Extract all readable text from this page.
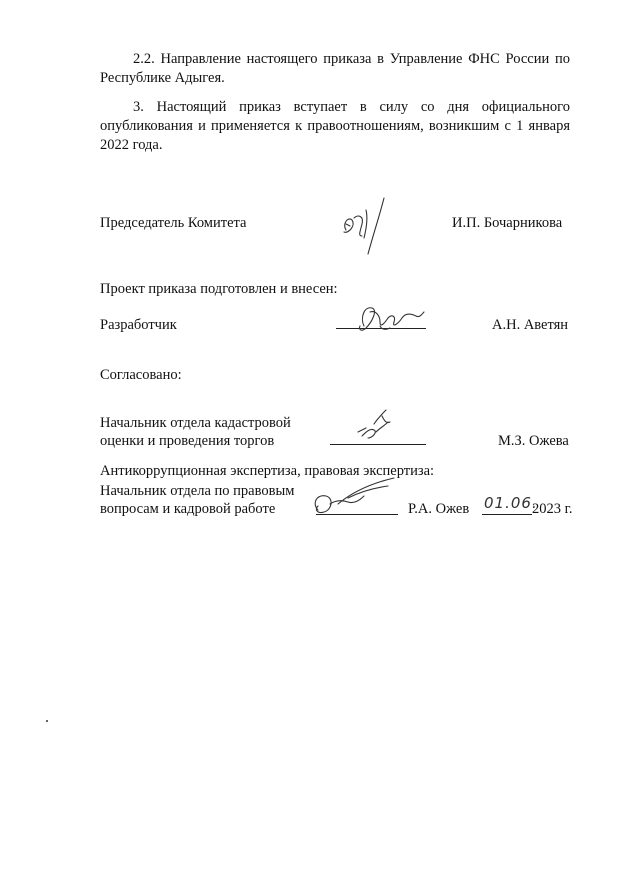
2.2. Направление настоящего приказа в Управление ФНС России по
Республике Адыгея.
3. Настоящий приказ вступает в силу со дня официального
опубликования и применяется к правоотношениям, возникшим с 1 января
2022 года.
Председатель Комитета	И.П. Бочарникова
Проект приказа подготовлен и внесен:
Разработчик	А.Н. Аветян
Согласовано:
Начальник отдела кадастровой
оценки и проведения торгов	М.З. Ожева
Антикоррупционная экспертиза, правовая экспертиза:
Начальник отдела по правовым
вопросам и кадровой работе	Р.А. Ожев 01.06.
2023 г.
